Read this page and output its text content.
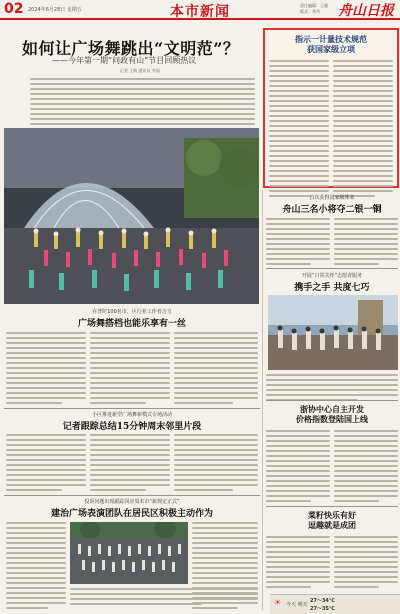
02 2024年6月28日 星期五	本市新闻	责任编辑：王晓
版式：李丹	舟山日报
如何让广场舞跳出“文明范”？
——今年第一期“问政有山”节目回顾热议
记者 王敏 通讯员 李丽
指示一计量技术规范
获国家级立项
首次获得国家级殊荣
舟山三名小将夺二银一铜
开展“日常关怀”志愿者服务
携手之手 共度七巧
浙协中心自主开发
价格指数登陆国上线
菜籽快乐有好
逗趣就是成团
在普陀100名市、区行业工作者合力
广场舞搭档也能乐享有一丝
小区推进新型广场舞新模式专场活动
记者跟踪总结15分钟周末邻里片段
投诉问题出现跟踪回应周末市“新规定正式”
建治广场表演团队在居民区积极主动作为
☀ 今天 明天
27～34℃
27～35℃
